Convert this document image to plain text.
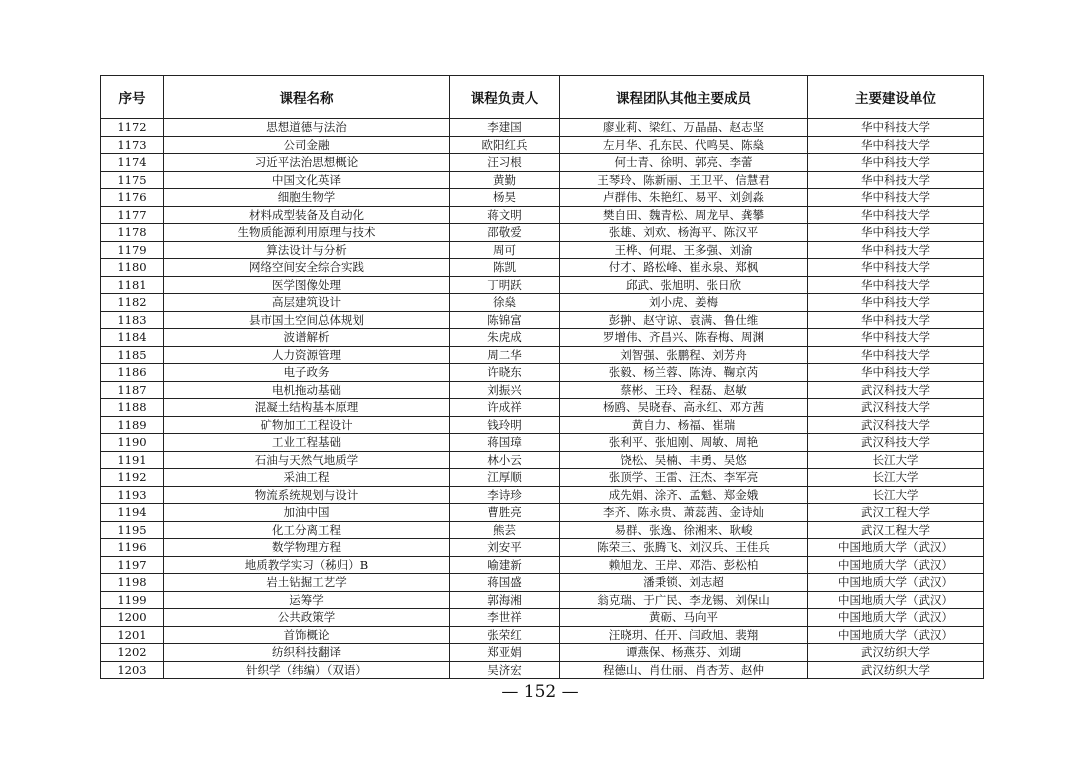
序号	课程名称	课程负责人	课程团队其他主要成员	主要建设单位
1172	思想道德与法治	李建国	廖业莉、梁红、万晶晶、赵志坚	华中科技大学
1173	公司金融	欧阳红兵	左月华、孔东民、代鸣昊、陈燊	华中科技大学
1174	习近平法治思想概论	汪习根	何士青、徐明、郭亮、李蕾	华中科技大学
1175	中国文化英译	黄勤	王琴玲、陈新丽、王卫平、信慧君	华中科技大学
1176	细胞生物学	杨昊	卢群伟、朱艳红、易平、刘剑淼	华中科技大学
1177	材料成型装备及自动化	蒋文明	樊自田、魏青松、周龙早、龚攀	华中科技大学
1178	生物质能源利用原理与技术	邵敬爱	张雄、刘欢、杨海平、陈汉平	华中科技大学
1179	算法设计与分析	周可	王桦、何琨、王多强、刘渝	华中科技大学
1180	网络空间安全综合实践	陈凯	付才、路松峰、崔永泉、郑枫	华中科技大学
1181	医学图像处理	丁明跃	邱武、张旭明、张日欣	华中科技大学
1182	高层建筑设计	徐燊	刘小虎、姜梅	华中科技大学
1183	县市国土空间总体规划	陈锦富	彭翀、赵守谅、袁满、鲁仕维	华中科技大学
1184	波谱解析	朱虎成	罗增伟、齐昌兴、陈春梅、周渊	华中科技大学
1185	人力资源管理	周二华	刘智强、张鹏程、刘芳舟	华中科技大学
1186	电子政务	许晓东	张毅、杨兰蓉、陈涛、鞠京芮	华中科技大学
1187	电机拖动基础	刘振兴	蔡彬、王玲、程磊、赵敏	武汉科技大学
1188	混凝土结构基本原理	许成祥	杨鸥、吴晓春、高永红、邓方茜	武汉科技大学
1189	矿物加工工程设计	钱玲明	黄自力、杨福、崔瑞	武汉科技大学
1190	工业工程基础	蒋国璋	张利平、张旭刚、周敏、周艳	武汉科技大学
1191	石油与天然气地质学	林小云	饶松、吴楠、丰勇、吴悠	长江大学
1192	采油工程	江厚顺	张顶学、王雷、汪杰、李军亮	长江大学
1193	物流系统规划与设计	李诗珍	成先娟、涂齐、孟魁、郑金娥	长江大学
1194	加油中国	曹胜亮	李齐、陈永贵、萧蕊茜、金诗灿	武汉工程大学
1195	化工分离工程	熊芸	易群、张逸、徐湘来、耿峻	武汉工程大学
1196	数学物理方程	刘安平	陈荣三、张腾飞、刘汉兵、王佳兵	中国地质大学（武汉）
1197	地质教学实习（秭归）B	喻建新	赖旭龙、王岸、邓浩、彭松柏	中国地质大学（武汉）
1198	岩土钻掘工艺学	蒋国盛	潘秉锁、刘志超	中国地质大学（武汉）
1199	运筹学	郭海湘	翁克瑞、于广民、李龙锡、刘保山	中国地质大学（武汉）
1200	公共政策学	李世祥	黄砺、马向平	中国地质大学（武汉）
1201	首饰概论	张荣红	汪晓玥、任开、闫政旭、裴翔	中国地质大学（武汉）
1202	纺织科技翻译	郑亚娟	谭燕保、杨燕芬、刘瑚	武汉纺织大学
1203	针织学（纬编）（双语）	吴济宏	程德山、肖仕丽、肖杏芳、赵仲	武汉纺织大学
— 152 —
